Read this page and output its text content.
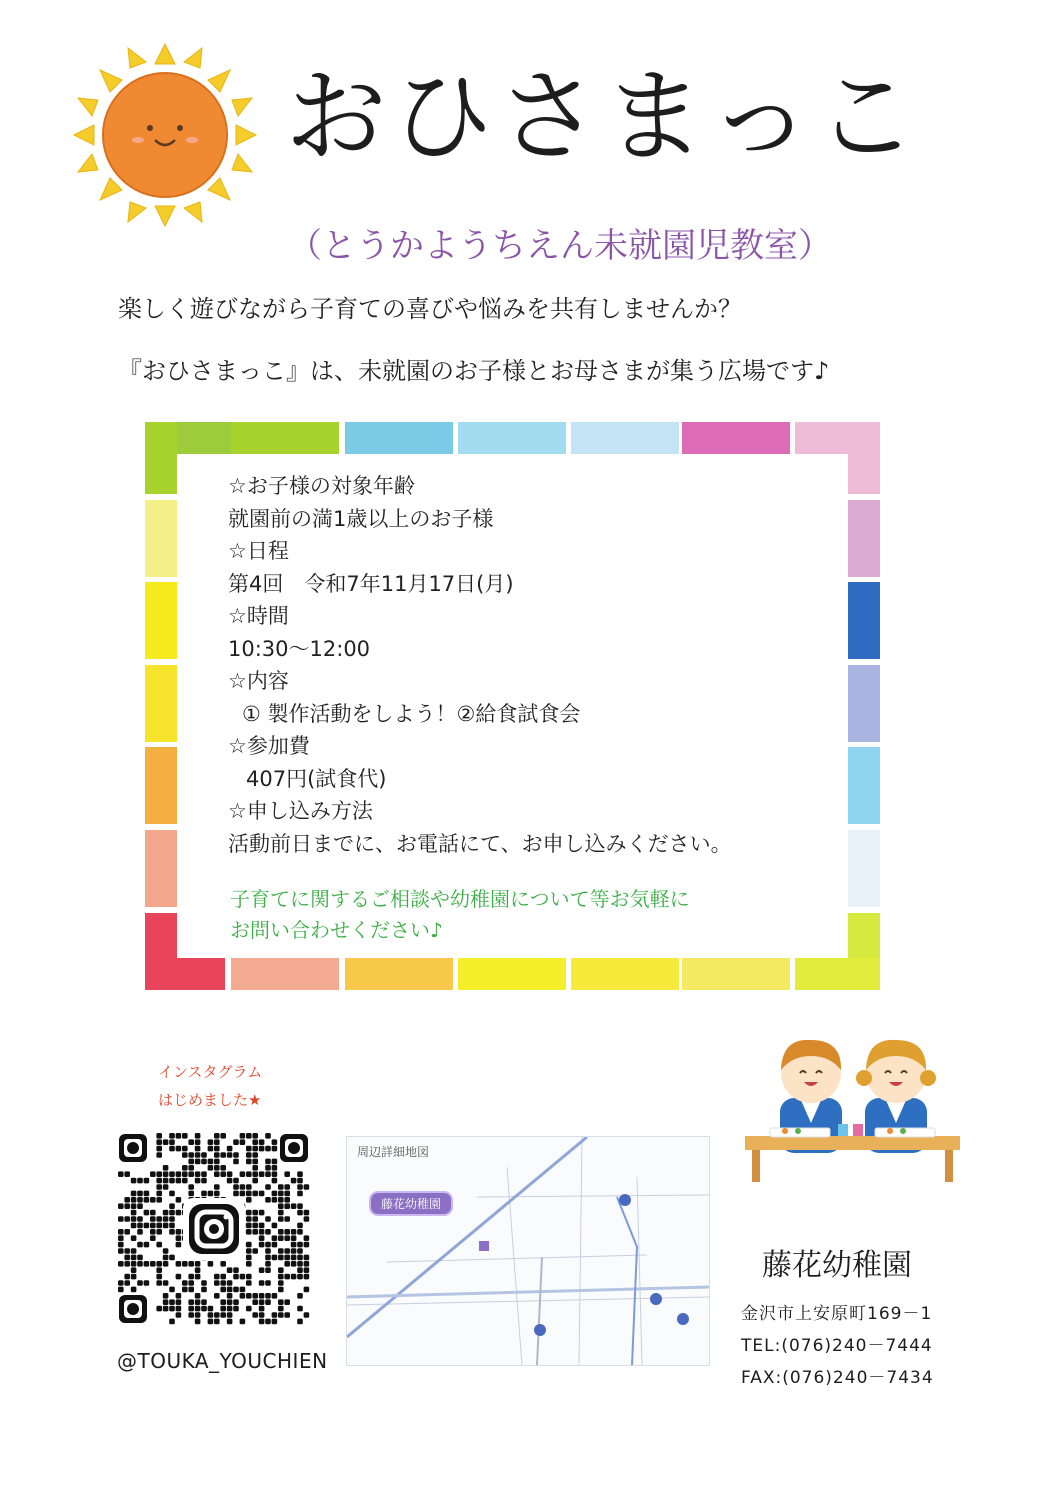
おひさまっこ
（とうかようちえん未就園児教室）
楽しく遊びながら子育ての喜びや悩みを共有しませんか？
『おひさまっこ』は、未就園のお子様とお母さまが集う広場です♪
☆お子様の対象年齢
就園前の満1歳以上のお子様
☆日程
第4回　令和7年11月17日(月)
☆時間
10:30～12:00
☆内容
① 製作活動をしよう！②給食試食会
☆参加費
407円(試食代)
☆申し込み方法
活動前日までに、お電話にて、お申し込みください。
子育てに関するご相談や幼稚園について等お気軽に
お問い合わせください♪
インスタグラム
はじめました★
@TOUKA_YOUCHIEN
周辺詳細地図
藤花幼稚園
藤花幼稚園
金沢市上安原町169－1
TEL:(076)240－7444
FAX:(076)240－7434
